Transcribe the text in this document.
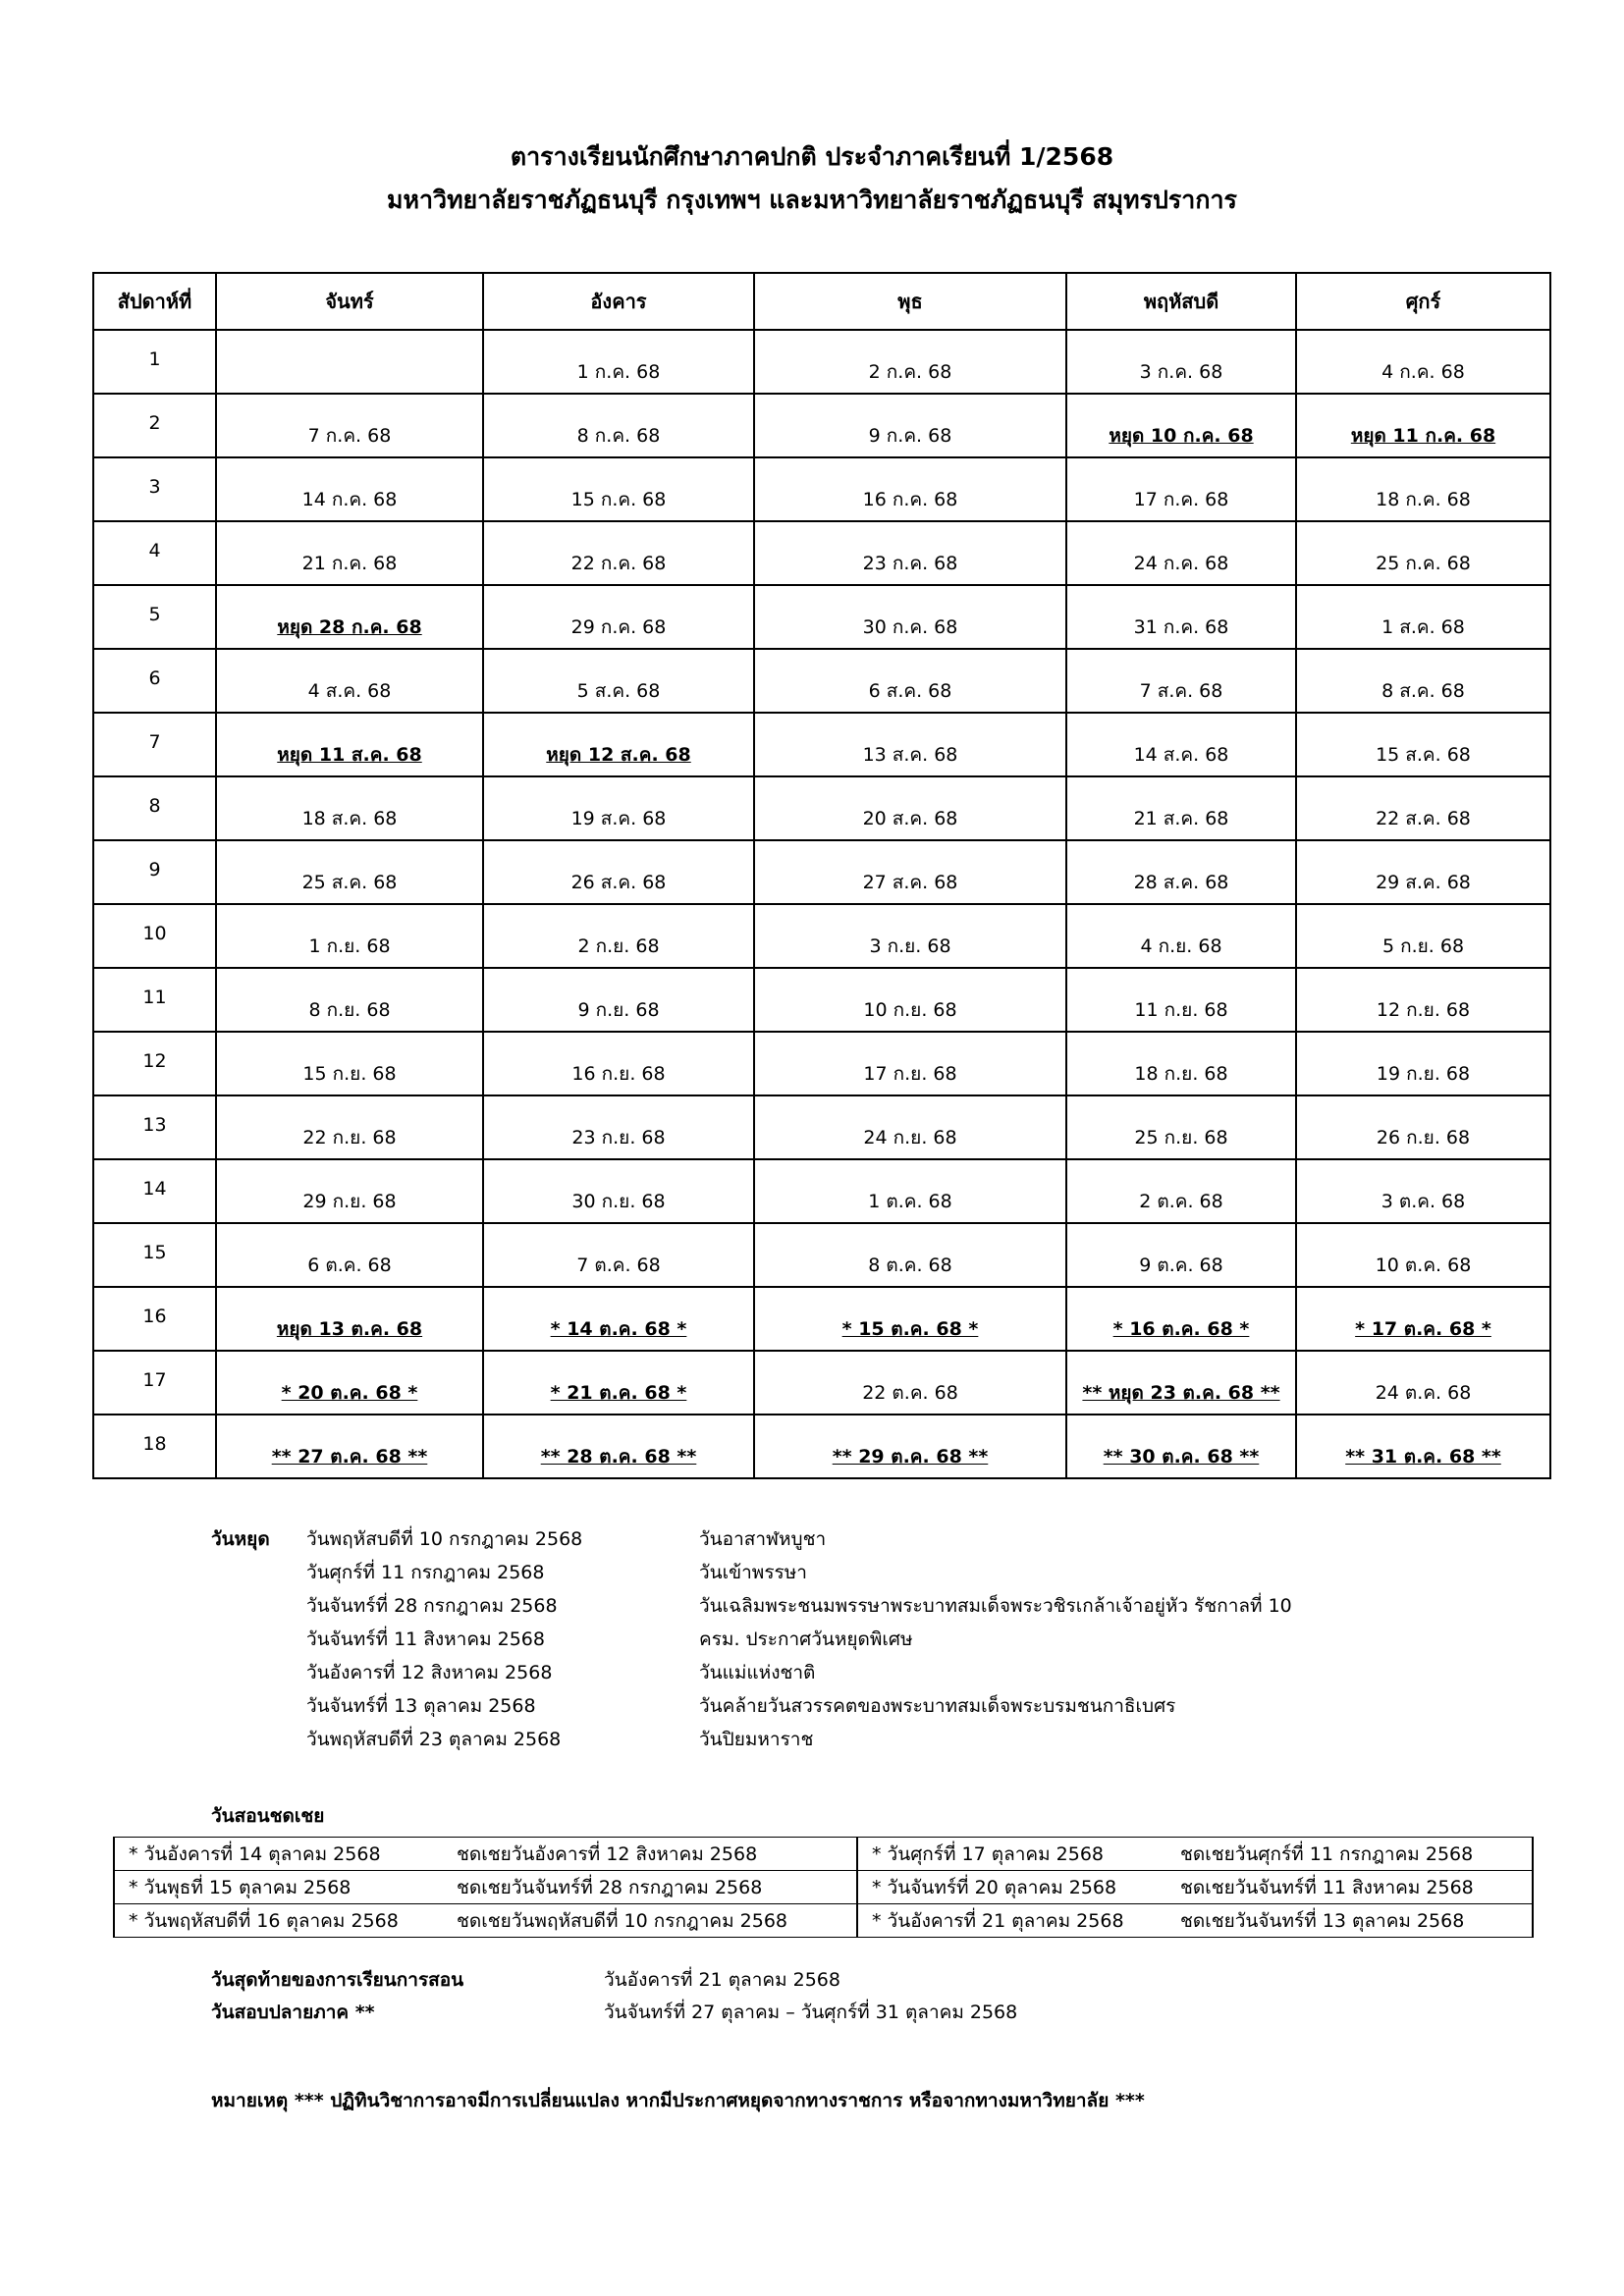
ตารางเรียนนักศึกษาภาคปกติ ประจำภาคเรียนที่ 1/2568
มหาวิทยาลัยราชภัฏธนบุรี กรุงเทพฯ และมหาวิทยาลัยราชภัฏธนบุรี สมุทรปราการ
สัปดาห์ที่	จันทร์	อังคาร	พุธ	พฤหัสบดี	ศุกร์
1		1 ก.ค. 68	2 ก.ค. 68	3 ก.ค. 68	4 ก.ค. 68
2	7 ก.ค. 68	8 ก.ค. 68	9 ก.ค. 68	หยุด 10 ก.ค. 68	หยุด 11 ก.ค. 68
3	14 ก.ค. 68	15 ก.ค. 68	16 ก.ค. 68	17 ก.ค. 68	18 ก.ค. 68
4	21 ก.ค. 68	22 ก.ค. 68	23 ก.ค. 68	24 ก.ค. 68	25 ก.ค. 68
5	หยุด 28 ก.ค. 68	29 ก.ค. 68	30 ก.ค. 68	31 ก.ค. 68	1 ส.ค. 68
6	4 ส.ค. 68	5 ส.ค. 68	6 ส.ค. 68	7 ส.ค. 68	8 ส.ค. 68
7	หยุด 11 ส.ค. 68	หยุด 12 ส.ค. 68	13 ส.ค. 68	14 ส.ค. 68	15 ส.ค. 68
8	18 ส.ค. 68	19 ส.ค. 68	20 ส.ค. 68	21 ส.ค. 68	22 ส.ค. 68
9	25 ส.ค. 68	26 ส.ค. 68	27 ส.ค. 68	28 ส.ค. 68	29 ส.ค. 68
10	1 ก.ย. 68	2 ก.ย. 68	3 ก.ย. 68	4 ก.ย. 68	5 ก.ย. 68
11	8 ก.ย. 68	9 ก.ย. 68	10 ก.ย. 68	11 ก.ย. 68	12 ก.ย. 68
12	15 ก.ย. 68	16 ก.ย. 68	17 ก.ย. 68	18 ก.ย. 68	19 ก.ย. 68
13	22 ก.ย. 68	23 ก.ย. 68	24 ก.ย. 68	25 ก.ย. 68	26 ก.ย. 68
14	29 ก.ย. 68	30 ก.ย. 68	1 ต.ค. 68	2 ต.ค. 68	3 ต.ค. 68
15	6 ต.ค. 68	7 ต.ค. 68	8 ต.ค. 68	9 ต.ค. 68	10 ต.ค. 68
16	หยุด 13 ต.ค. 68	* 14 ต.ค. 68 *	* 15 ต.ค. 68 *	* 16 ต.ค. 68 *	* 17 ต.ค. 68 *
17	* 20 ต.ค. 68 *	* 21 ต.ค. 68 *	22 ต.ค. 68	** หยุด 23 ต.ค. 68 **	24 ต.ค. 68
18	** 27 ต.ค. 68 **	** 28 ต.ค. 68 **	** 29 ต.ค. 68 **	** 30 ต.ค. 68 **	** 31 ต.ค. 68 **
วันหยุด วันพฤหัสบดีที่ 10 กรกฎาคม 2568	วันอาสาฬหบูชา
วันศุกร์ที่ 11 กรกฎาคม 2568	วันเข้าพรรษา
วันจันทร์ที่ 28 กรกฎาคม 2568	วันเฉลิมพระชนมพรรษาพระบาทสมเด็จพระวชิรเกล้าเจ้าอยู่หัว รัชกาลที่ 10
วันจันทร์ที่ 11 สิงหาคม 2568	ครม. ประกาศวันหยุดพิเศษ
วันอังคารที่ 12 สิงหาคม 2568	วันแม่แห่งชาติ
วันจันทร์ที่ 13 ตุลาคม 2568	วันคล้ายวันสวรรคตของพระบาทสมเด็จพระบรมชนกาธิเบศร
วันพฤหัสบดีที่ 23 ตุลาคม 2568	วันปิยมหาราช
วันสอนชดเชย
* วันอังคารที่ 14 ตุลาคม 2568	ชดเชยวันอังคารที่ 12 สิงหาคม 2568	* วันศุกร์ที่ 17 ตุลาคม 2568	ชดเชยวันศุกร์ที่ 11 กรกฎาคม 2568
* วันพุธที่ 15 ตุลาคม 2568	ชดเชยวันจันทร์ที่ 28 กรกฎาคม 2568	* วันจันทร์ที่ 20 ตุลาคม 2568	ชดเชยวันจันทร์ที่ 11 สิงหาคม 2568
* วันพฤหัสบดีที่ 16 ตุลาคม 2568	ชดเชยวันพฤหัสบดีที่ 10 กรกฎาคม 2568	* วันอังคารที่ 21 ตุลาคม 2568	ชดเชยวันจันทร์ที่ 13 ตุลาคม 2568
วันสุดท้ายของการเรียนการสอน	วันอังคารที่ 21 ตุลาคม 2568
วันสอบปลายภาค **	วันจันทร์ที่ 27 ตุลาคม – วันศุกร์ที่ 31 ตุลาคม 2568
หมายเหตุ *** ปฏิทินวิชาการอาจมีการเปลี่ยนแปลง หากมีประกาศหยุดจากทางราชการ หรือจากทางมหาวิทยาลัย ***
